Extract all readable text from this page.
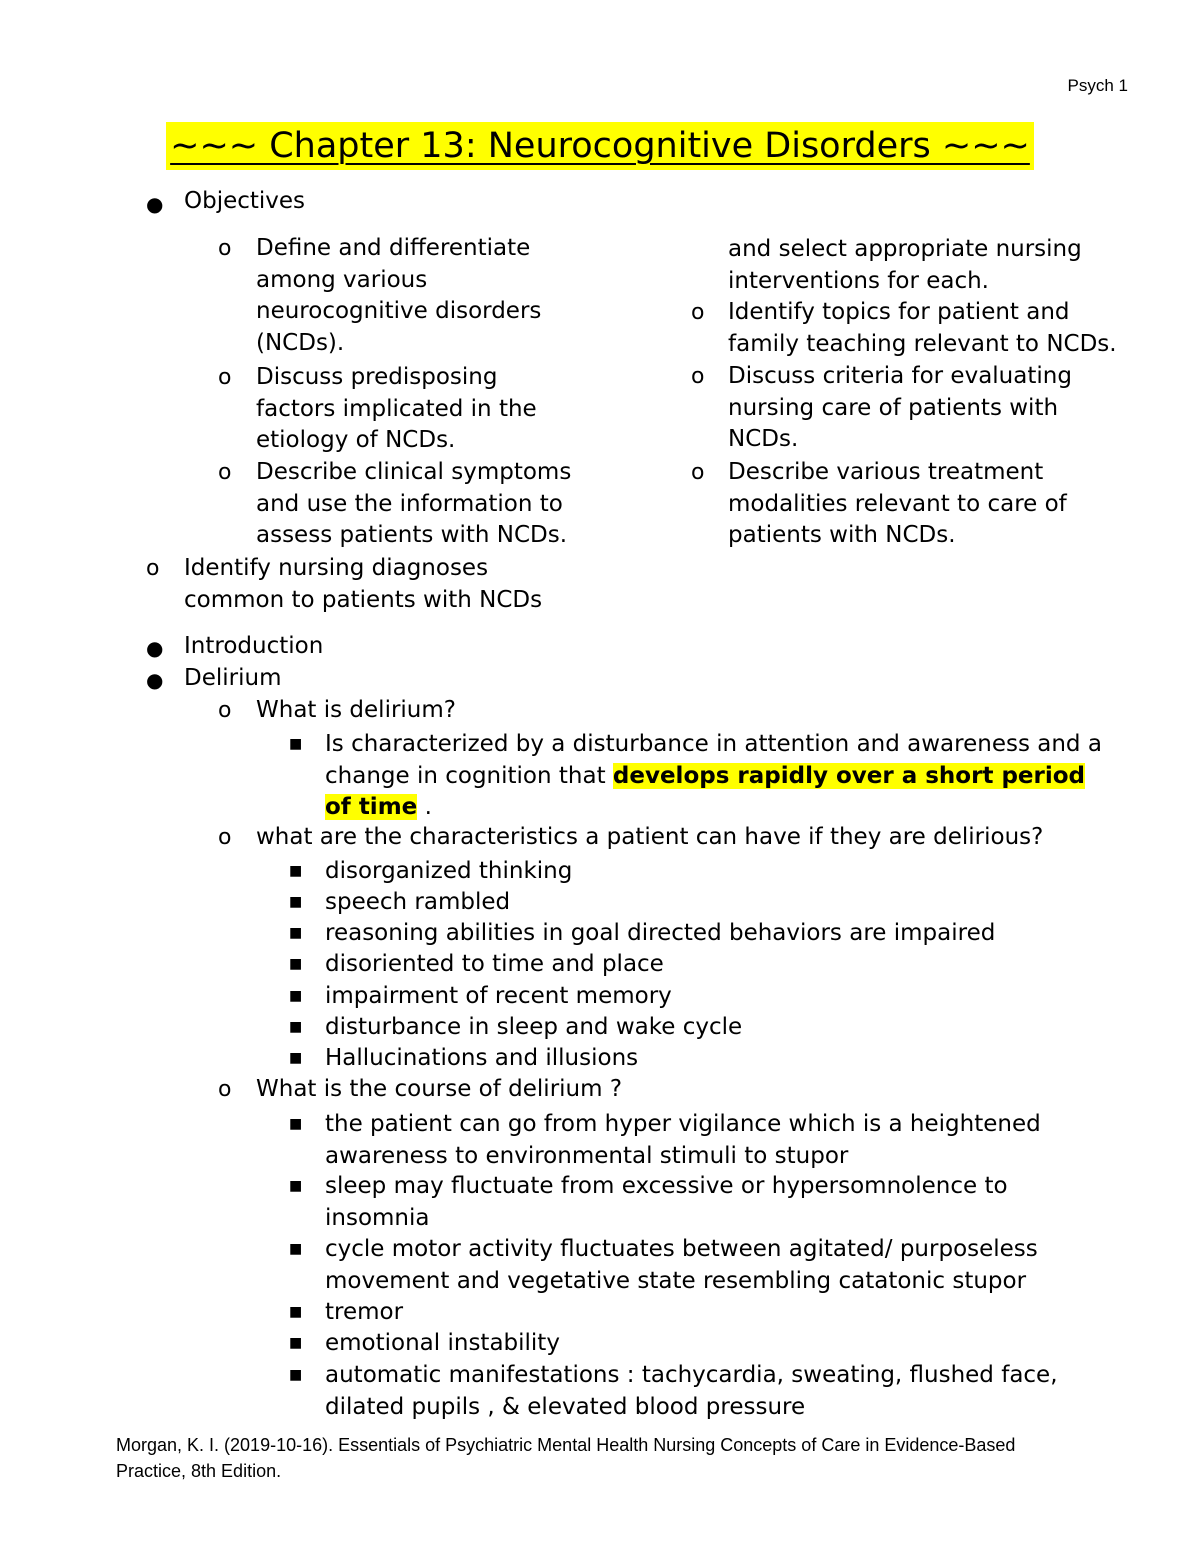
Psych 1
~~~ Chapter 13: Neurocognitive Disorders ~~~
● Objectives
o Define and differentiate
among various
neurocognitive disorders
(NCDs).
o Discuss predisposing
factors implicated in the
etiology of NCDs.
o Describe clinical symptoms
and use the information to
assess patients with NCDs.
o Identify nursing diagnoses
common to patients with NCDs
and select appropriate nursing
interventions for each.
o Identify topics for patient and
family teaching relevant to NCDs.
o Discuss criteria for evaluating
nursing care of patients with
NCDs.
o Describe various treatment
modalities relevant to care of
patients with NCDs.
● Introduction
● Delirium
o What is delirium?
■ Is characterized by a disturbance in attention and awareness and a
change in cognition that develops rapidly over a short period
of time .
o what are the characteristics a patient can have if they are delirious?
■ disorganized thinking
■ speech rambled
■ reasoning abilities in goal directed behaviors are impaired
■ disoriented to time and place
■ impairment of recent memory
■ disturbance in sleep and wake cycle
■ Hallucinations and illusions
o What is the course of delirium ?
■ the patient can go from hyper vigilance which is a heightened
awareness to environmental stimuli to stupor
■ sleep may fluctuate from excessive or hypersomnolence to
insomnia
■ cycle motor activity fluctuates between agitated/ purposeless
movement and vegetative state resembling catatonic stupor
■ tremor
■ emotional instability
■ automatic manifestations : tachycardia, sweating, flushed face,
dilated pupils , & elevated blood pressure
Morgan, K. I. (2019-10-16). Essentials of Psychiatric Mental Health Nursing Concepts of Care in Evidence-Based
Practice, 8th Edition.
